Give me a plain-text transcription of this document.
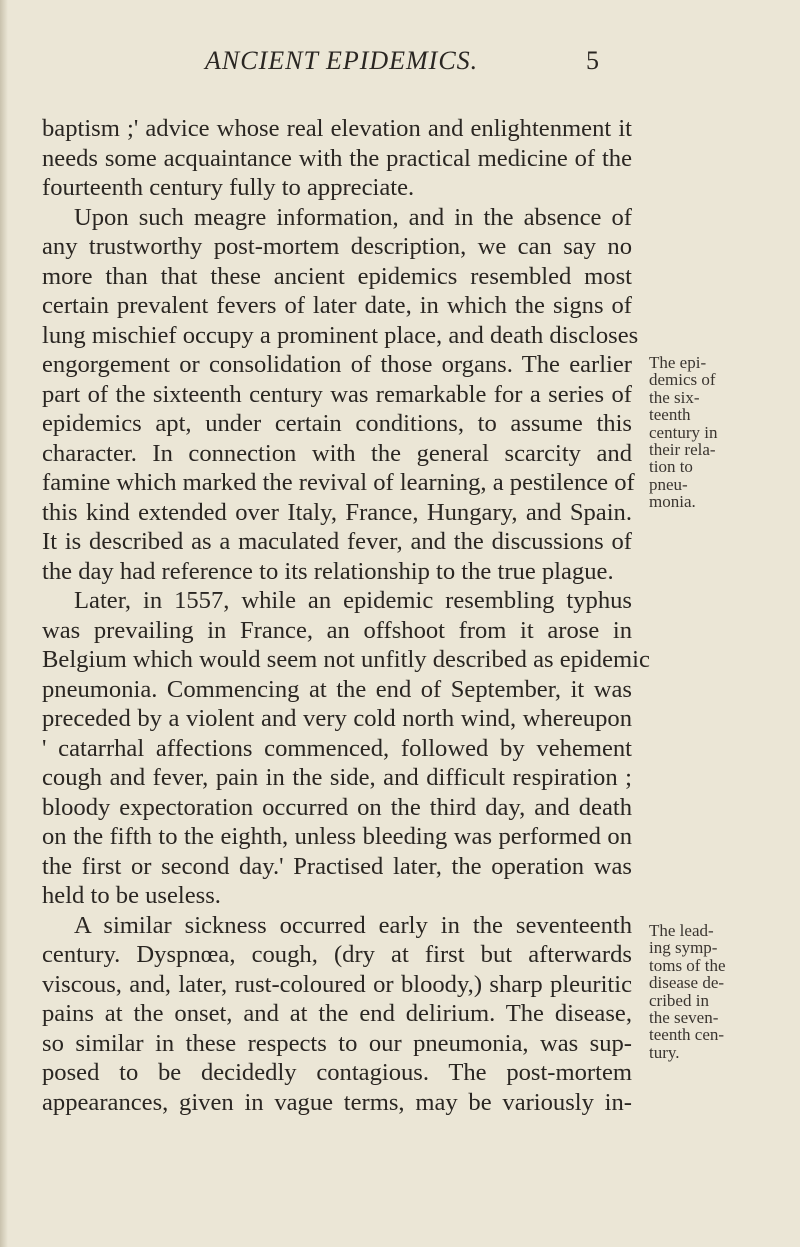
ANCIENT EPIDEMICS.	5
baptism ;' advice whose real elevation and enlightenment it
needs some acquaintance with the practical medicine of the
fourteenth century fully to appreciate.
Upon such meagre information, and in the absence of
any trustworthy post-mortem description, we can say no
more than that these ancient epidemics resembled most
certain prevalent fevers of later date, in which the signs of
lung mischief occupy a prominent place, and death discloses
engorgement or consolidation of those organs. The earlier
part of the sixteenth century was remarkable for a series of
epidemics apt, under certain conditions, to assume this
character. In connection with the general scarcity and
famine which marked the revival of learning, a pestilence of
this kind extended over Italy, France, Hungary, and Spain.
It is described as a maculated fever, and the discussions of
the day had reference to its relationship to the true plague.
Later, in 1557, while an epidemic resembling typhus
was prevailing in France, an offshoot from it arose in
Belgium which would seem not unfitly described as epidemic
pneumonia. Commencing at the end of September, it was
preceded by a violent and very cold north wind, whereupon
' catarrhal affections commenced, followed by vehement
cough and fever, pain in the side, and difficult respiration ;
bloody expectoration occurred on the third day, and death
on the fifth to the eighth, unless bleeding was performed on
the first or second day.' Practised later, the operation was
held to be useless.
A similar sickness occurred early in the seventeenth
century. Dyspnœa, cough, (dry at first but afterwards
viscous, and, later, rust-coloured or bloody,) sharp pleuritic
pains at the onset, and at the end delirium. The disease,
so similar in these respects to our pneumonia, was sup-
posed to be decidedly contagious. The post-mortem
appearances, given in vague terms, may be variously in-
The epi-
demics of
the six-
teenth
century in
their rela-
tion to
pneu-
monia.
The lead-
ing symp-
toms of the
disease de-
cribed in
the seven-
teenth cen-
tury.
